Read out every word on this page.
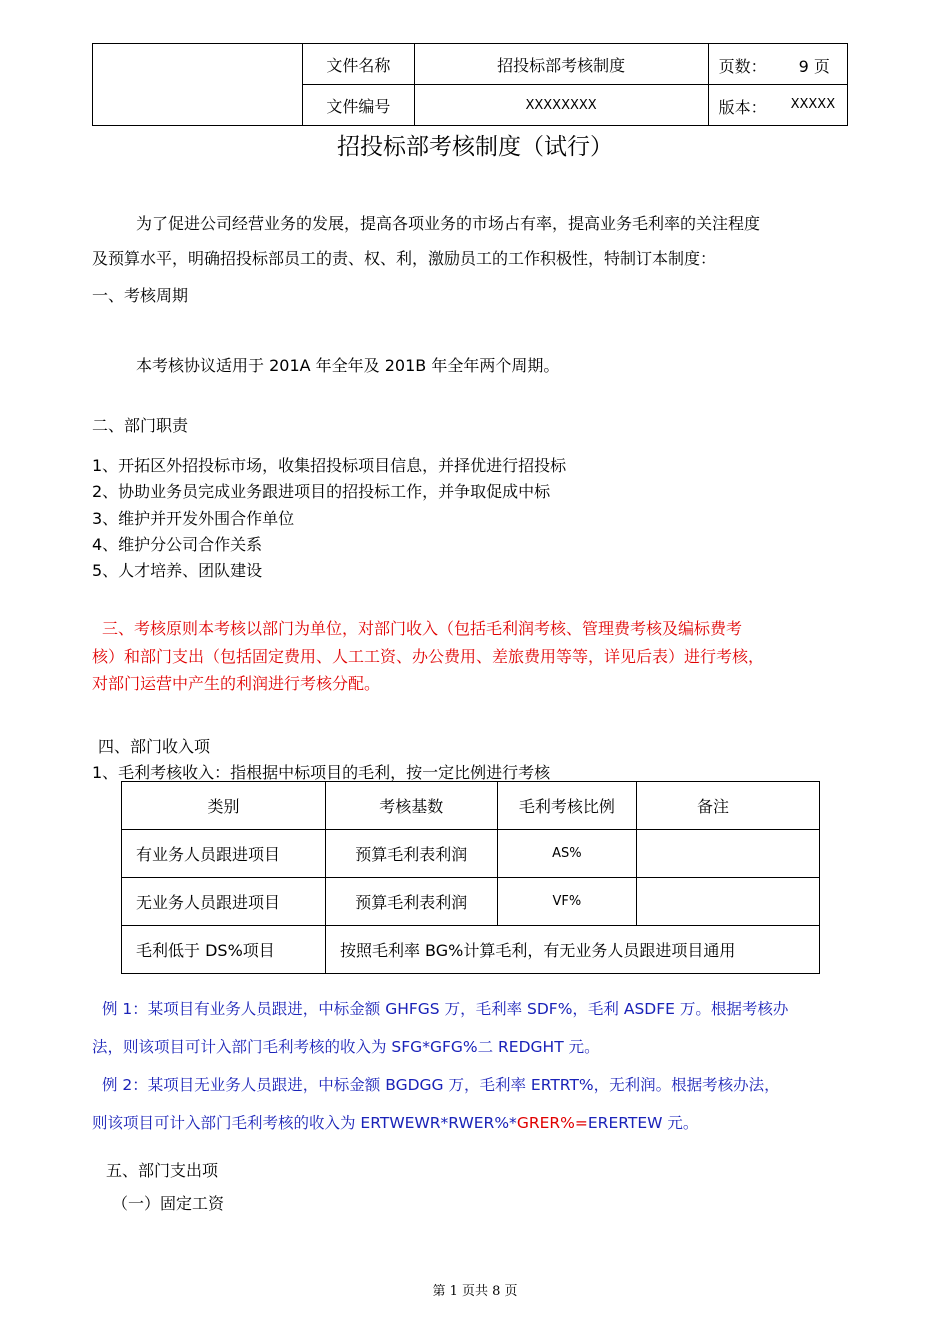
	文件名称	招投标部考核制度	页数： 9 页

	文件编号	XXXXXXXX	版本： XXXXX
招投标部考核制度（试行）
为了促进公司经营业务的发展，提高各项业务的市场占有率，提高业务毛利率的关注程度
及预算水平，明确招投标部员工的责、权、利，激励员工的工作积极性，特制订本制度：
一、考核周期
本考核协议适用于 201A 年全年及 201B 年全年两个周期。
二、部门职责
1、开拓区外招投标市场，收集招投标项目信息，并择优进行招投标
2、协助业务员完成业务跟进项目的招投标工作，并争取促成中标
3、维护并开发外围合作单位
4、维护分公司合作关系
5、人才培养、团队建设
三、考核原则本考核以部门为单位，对部门收入（包括毛利润考核、管理费考核及编标费考
核）和部门支出（包括固定费用、人工工资、办公费用、差旅费用等等，详见后表）进行考核，
对部门运营中产生的利润进行考核分配。
四、部门收入项
1、毛利考核收入：指根据中标项目的毛利，按一定比例进行考核
类别	考核基数	毛利考核比例	备注
有业务人员跟进项目	预算毛利表利润	AS%	
无业务人员跟进项目	预算毛利表利润	VF%	
毛利低于 DS%项目	按照毛利率 BG%计算毛利，有无业务人员跟进项目通用		
例 1：某项目有业务人员跟进，中标金额 GHFGS 万，毛利率 SDF%，毛利 ASDFE 万。根据考核办
法，则该项目可计入部门毛利考核的收入为 SFG*GFG%二 REDGHT 元。
例 2：某项目无业务人员跟进，中标金额 BGDGG 万，毛利率 ERTRT%，无利润。根据考核办法，
则该项目可计入部门毛利考核的收入为 ERTWEWR*RWER%*GRER%=ERERTEW 元。
五、部门支出项
（一）固定工资
第 1 页共 8 页
